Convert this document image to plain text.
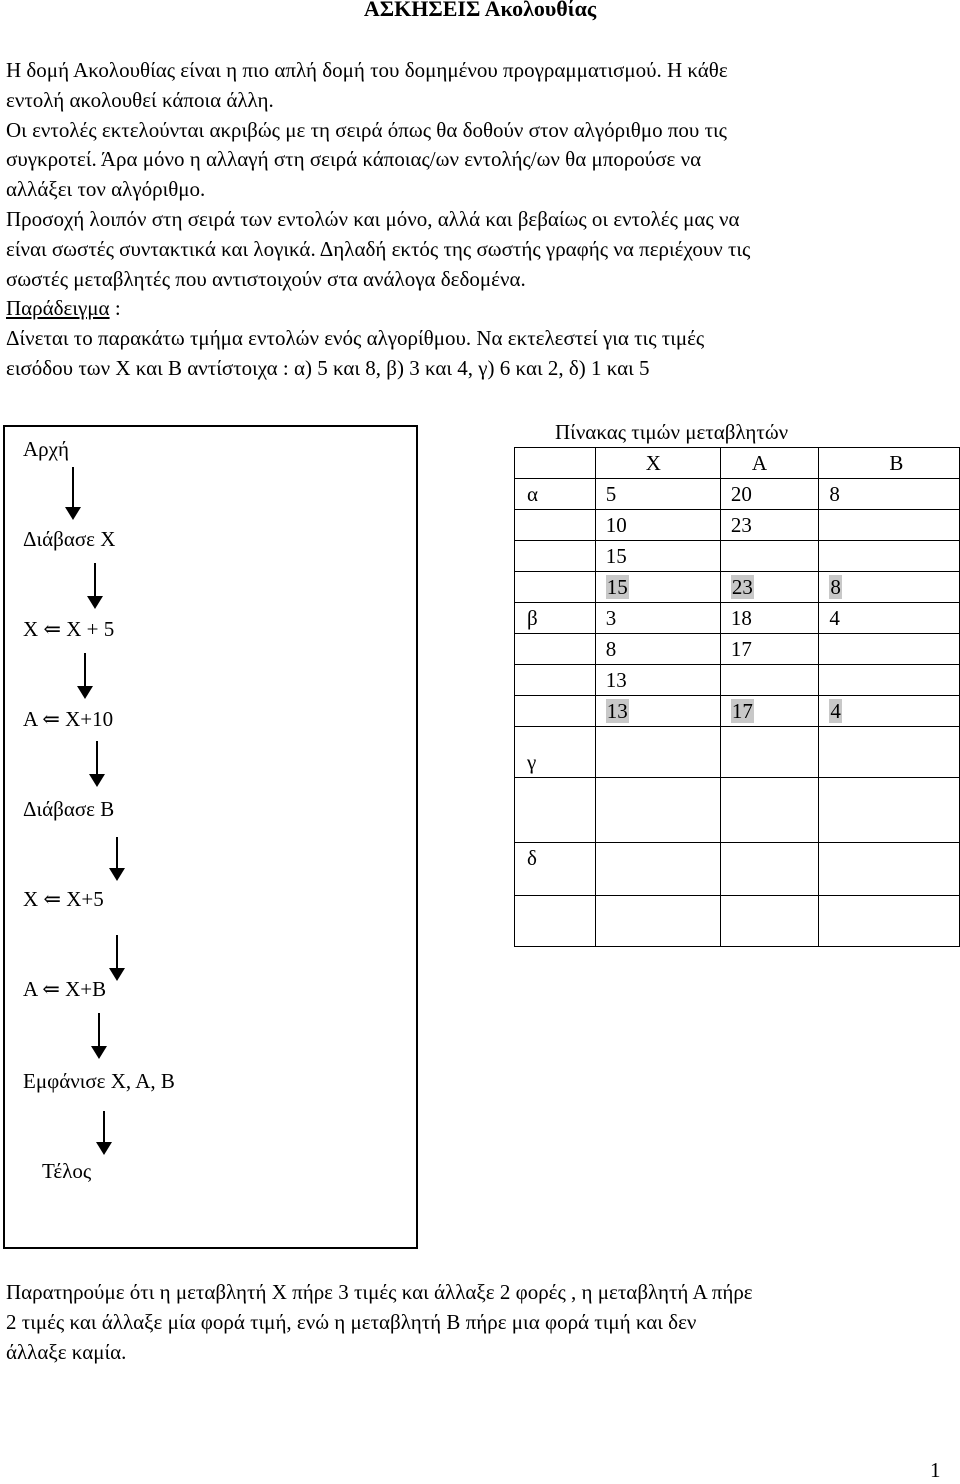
ΑΣΚΗΣΕΙΣ Ακολουθίας

Η δομή Ακολουθίας είναι η πιο απλή δομή του δομημένου προγραμματισμού. Η κάθε

εντολή ακολουθεί κάποια άλλη.

Οι εντολές εκτελούνται ακριβώς με τη σειρά όπως θα δοθούν στον αλγόριθμο που τις

συγκροτεί. Άρα μόνο η αλλαγή στη σειρά κάποιας/ων εντολής/ων θα μπορούσε να

αλλάξει τον αλγόριθμο.

Προσοχή λοιπόν στη σειρά των εντολών και μόνο, αλλά και βεβαίως οι εντολές μας να

είναι σωστές συντακτικά και λογικά. Δηλαδή εκτός της σωστής γραφής να περιέχουν τις

σωστές μεταβλητές που αντιστοιχούν στα ανάλογα δεδομένα.

Παράδειγμα :

Δίνεται το παρακάτω τμήμα εντολών ενός αλγορίθμου. Να εκτελεστεί για τις τιμές

εισόδου των Χ και Β αντίστοιχα : α) 5 και 8, β) 3 και 4, γ) 6 και 2, δ) 1 και 5

Αρχή
Διάβασε Χ
Χ ⇐ Χ + 5
Α ⇐ Χ+10
Διάβασε Β
Χ ⇐ Χ+5
Α ⇐ Χ+Β
Εμφάνισε Χ, Α, Β
Τέλος
Πίνακας τιμών μεταβλητών
	Χ	Α	Β
α	5	20	8
	10	23	
	15		
	15	23	8
β	3	18	4
	8	17	
	13		
	13	17	4
γ			

δ			

Παρατηρούμε ότι η μεταβλητή Χ πήρε 3 τιμές και άλλαξε 2 φορές , η μεταβλητή Α πήρε

2 τιμές και άλλαξε μία φορά τιμή, ενώ η μεταβλητή Β πήρε μια φορά τιμή και δεν

άλλαξε καμία.

1
